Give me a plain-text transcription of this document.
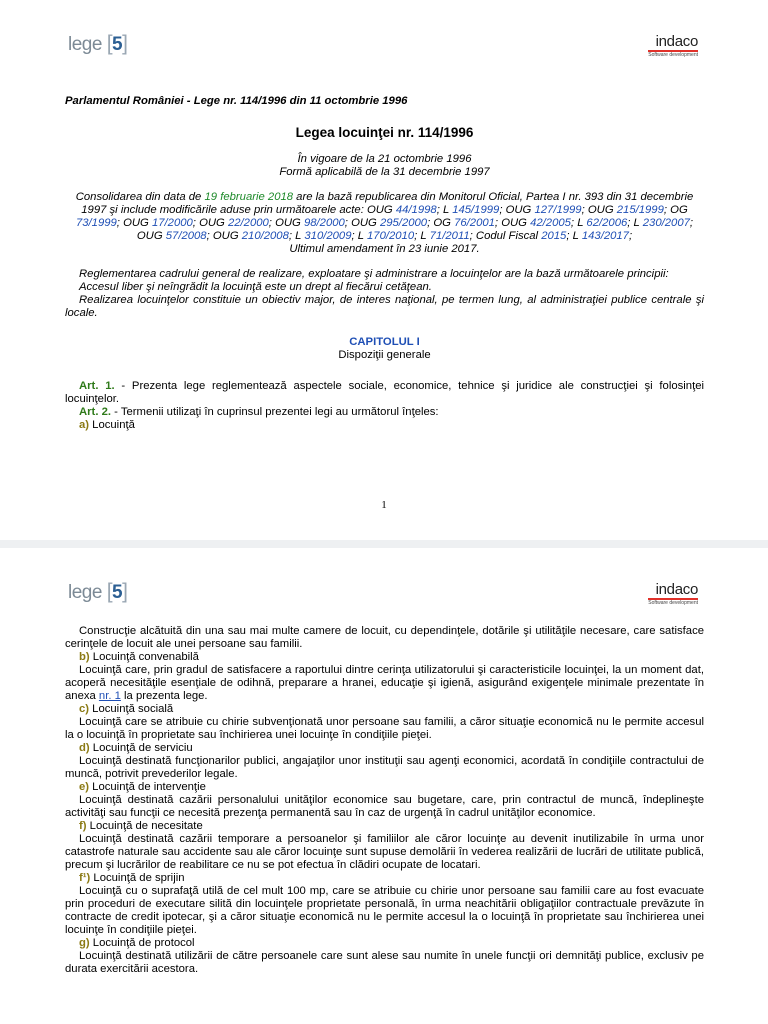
lege [5]	indaco
Software development

Parlamentul României - Lege nr. 114/1996 din 11 octombrie 1996

Legea locuinţei nr. 114/1996

În vigoare de la 21 octombrie 1996

Formă aplicabilă de la 31 decembrie 1997

Consolidarea din data de 19 februarie 2018 are la bază republicarea din Monitorul Oficial, Partea I nr. 393 din 31 decembrie 1997 şi include modificările aduse prin următoarele acte: OUG 44/1998; L 145/1999; OUG 127/1999; OUG 215/1999; OG 73/1999; OUG 17/2000; OUG 22/2000; OUG 98/2000; OUG 295/2000; OG 76/2001; OUG 42/2005; L 62/2006; L 230/2007; OUG 57/2008; OUG 210/2008; L 310/2009; L 170/2010; L 71/2011; Codul Fiscal 2015; L 143/2017;
Ultimul amendament în 23 iunie 2017.

Reglementarea cadrului general de realizare, exploatare şi administrare a locuinţelor are la bază următoarele principii:

Accesul liber şi neîngrădit la locuinţă este un drept al fiecărui cetăţean.

Realizarea locuinţelor constituie un obiectiv major, de interes naţional, pe termen lung, al administraţiei publice centrale şi locale.

CAPITOLUL I

Dispoziţii generale

Art. 1. - Prezenta lege reglementează aspectele sociale, economice, tehnice şi juridice ale construcţiei şi folosinţei locuinţelor.

Art. 2. - Termenii utilizaţi în cuprinsul prezentei legi au următorul înţeles:

a) Locuinţă

1
lege [5]	indaco
Software development

Construcţie alcătuită din una sau mai multe camere de locuit, cu dependinţele, dotările şi utilităţile necesare, care satisface cerinţele de locuit ale unei persoane sau familii.

b) Locuinţă convenabilă

Locuinţă care, prin gradul de satisfacere a raportului dintre cerinţa utilizatorului şi caracteristicile locuinţei, la un moment dat, acoperă necesităţile esenţiale de odihnă, preparare a hranei, educaţie şi igienă, asigurând exigenţele minimale prezentate în anexa nr. 1 la prezenta lege.

c) Locuinţă socială

Locuinţă care se atribuie cu chirie subvenţionată unor persoane sau familii, a căror situaţie economică nu le permite accesul la o locuinţă în proprietate sau închirierea unei locuinţe în condiţiile pieţei.

d) Locuinţă de serviciu

Locuinţă destinată funcţionarilor publici, angajaţilor unor instituţii sau agenţi economici, acordată în condiţiile contractului de muncă, potrivit prevederilor legale.

e) Locuinţă de intervenţie

Locuinţă destinată cazării personalului unităţilor economice sau bugetare, care, prin contractul de muncă, îndeplineşte activităţi sau funcţii ce necesită prezenţa permanentă sau în caz de urgenţă în cadrul unităţilor economice.

f) Locuinţă de necesitate

Locuinţă destinată cazării temporare a persoanelor şi familiilor ale căror locuinţe au devenit inutilizabile în urma unor catastrofe naturale sau accidente sau ale căror locuinţe sunt supuse demolării în vederea realizării de lucrări de utilitate publică, precum şi lucrărilor de reabilitare ce nu se pot efectua în clădiri ocupate de locatari.

f¹) Locuinţă de sprijin

Locuinţă cu o suprafaţă utilă de cel mult 100 mp, care se atribuie cu chirie unor persoane sau familii care au fost evacuate prin proceduri de executare silită din locuinţele proprietate personală, în urma neachitării obligaţiilor contractuale prevăzute în contracte de credit ipotecar, şi a căror situaţie economică nu le permite accesul la o locuinţă în proprietate sau închirierea unei locuinţe în condiţiile pieţei.

g) Locuinţă de protocol

Locuinţă destinată utilizării de către persoanele care sunt alese sau numite în unele funcţii ori demnităţi publice, exclusiv pe durata exercitării acestora.
